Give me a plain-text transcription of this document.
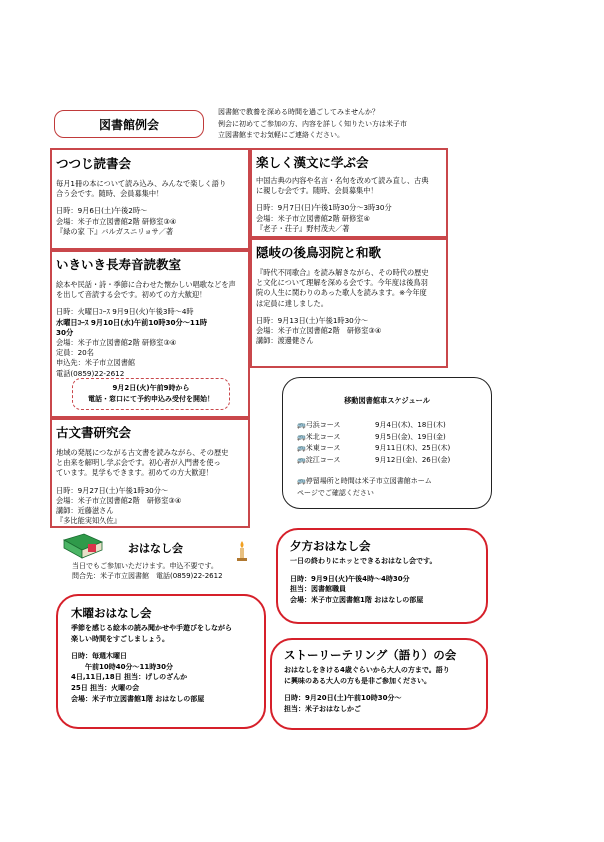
図書館例会
図書館で教養を深める時間を過ごしてみませんか？
例会に初めてご参加の方、内容を詳しく知りたい方は米子市
立図書館までお気軽にご連絡ください。
つつじ読書会
毎月1冊の本について読み込み、みんなで楽しく語り
合う会です。随時、会員募集中！
日時：9月6日(土)午後2時～
会場：米子市立図書館2階 研修室③④
『緑の家 下』バルガスニリョサ／著
楽しく漢文に学ぶ会
中国古典の内容や名言・名句を改めて読み直し、古典
に親しむ会です。随時、会員募集中！
日時：9月7日(日)午後1時30分～3時30分
会場：米子市立図書館2階 研修室④
『老子・荘子』野村茂夫／著
隠岐の後鳥羽院と和歌
『時代不同歌合』を読み解きながら、その時代の歴史
と文化について理解を深める会です。今年度は後鳥羽
院の人生に関わりのあった歌人を読みます。※今年度
は定員に達しました。
日時：9月13日(土)午後1時30分～
会場：米子市立図書館2階　研修室③④
講師：渡邊健さん
いきいき長寿音読教室
絵本や民話・詩・季節に合わせた懐かしい唱歌などを声
を出して音読する会です。初めての方大歓迎！
日時：火曜日ｺｰｽ 9月9日(火)午後3時～4時
水曜日ｺｰｽ 9月10日(水)午前10時30分～11時
30分
会場：米子市立図書館2階 研修室③④
定員：20名
申込先：米子市立図書館
電話(0859)22-2612
9月2日(火)午前9時から
電話・窓口にて予約申込み受付を開始！
古文書研究会
地域の発展につながる古文書を読みながら、その歴史
と由来を解明し学ぶ会です。初心者が入門書を使っ
ています。見学もできます。初めての方大歓迎！
日時：9月27日(土)午後1時30分～
会場：米子市立図書館2階　研修室③④
講師：近藤滋さん
『多比能実知久佐』
移動図書館車スケジュール
🚌弓浜コース	9月4日(木)、18日(木)
🚌米北コース	9月5日(金)、19日(金)
🚌米東コース	9月11日(木)、25日(木)
🚌淀江コース	9月12日(金)、26日(金)
🚌停留場所と時間は米子市立図書館ホーム
ページでご確認ください
おはなし会
当日でもご参加いただけます。申込不要です。
問合先：米子市立図書館　電話(0859)22-2612
木曜おはなし会
季節を感じる絵本の読み聞かせや手遊びをしながら
楽しい時間をすごしましょう。
日時：毎週木曜日
　　午前10時40分～11時30分
4日,11日,18日 担当：げしのざんか
25日 担当：火曜の会
会場：米子市立図書館1階 おはなしの部屋
夕方おはなし会
一日の終わりにホッとできるおはなし会です。
日時：9月9日(火)午後4時～4時30分
担当：図書館職員
会場：米子市立図書館1階 おはなしの部屋
ストーリーテリング（語り）の会
おはなしをきける4歳ぐらいから大人の方まで。語り
に興味のある大人の方も是非ご参加ください。
日時：9月20日(土)午前10時30分～
担当：米子おはなしかご
